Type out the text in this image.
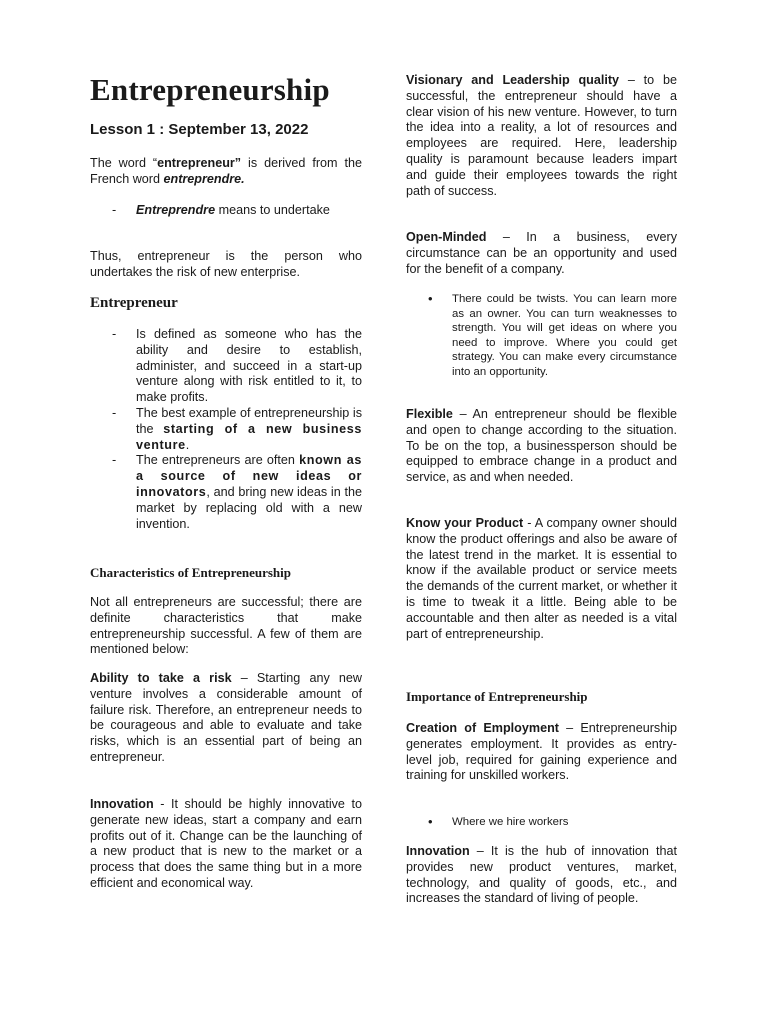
Entrepreneurship

Lesson 1 : September 13, 2022

The word “entrepreneur” is derived from the French word entreprendre.

- Entreprendre means to undertake

Thus, entrepreneur is the person who undertakes the risk of new enterprise.

Entrepreneur
- Is defined as someone who has the ability and desire to establish, administer, and succeed in a start-up venture along with risk entitled to it, to make profits.
- The best example of entrepreneurship is the starting of a new business venture.
- The entrepreneurs are often known as a source of new ideas or innovators, and bring new ideas in the market by replacing old with a new invention.
Characteristics of Entrepreneurship

Not all entrepreneurs are successful; there are definite characteristics that make entrepreneurship successful. A few of them are mentioned below:

Ability to take a risk – Starting any new venture involves a considerable amount of failure risk. Therefore, an entrepreneur needs to be courageous and able to evaluate and take risks, which is an essential part of being an entrepreneur.

Innovation - It should be highly innovative to generate new ideas, start a company and earn profits out of it. Change can be the launching of a new product that is new to the market or a process that does the same thing but in a more efficient and economical way.

Visionary and Leadership quality – to be successful, the entrepreneur should have a clear vision of his new venture. However, to turn the idea into a reality, a lot of resources and employees are required. Here, leadership quality is paramount because leaders impart and guide their employees towards the right path of success.

Open-Minded – In a business, every circumstance can be an opportunity and used for the benefit of a company.

• There could be twists. You can learn more as an owner. You can turn weaknesses to strength. You will get ideas on where you need to improve. Where you could get strategy. You can make every circumstance into an opportunity.

Flexible – An entrepreneur should be flexible and open to change according to the situation. To be on the top, a businessperson should be equipped to embrace change in a product and service, as and when needed.

Know your Product - A company owner should know the product offerings and also be aware of the latest trend in the market. It is essential to know if the available product or service meets the demands of the current market, or whether it is time to tweak it a little. Being able to be accountable and then alter as needed is a vital part of entrepreneurship.

Importance of Entrepreneurship

Creation of Employment – Entrepreneurship generates employment. It provides as entry-level job, required for gaining experience and training for unskilled workers.

• Where we hire workers

Innovation – It is the hub of innovation that provides new product ventures, market, technology, and quality of goods, etc., and increases the standard of living of people.
